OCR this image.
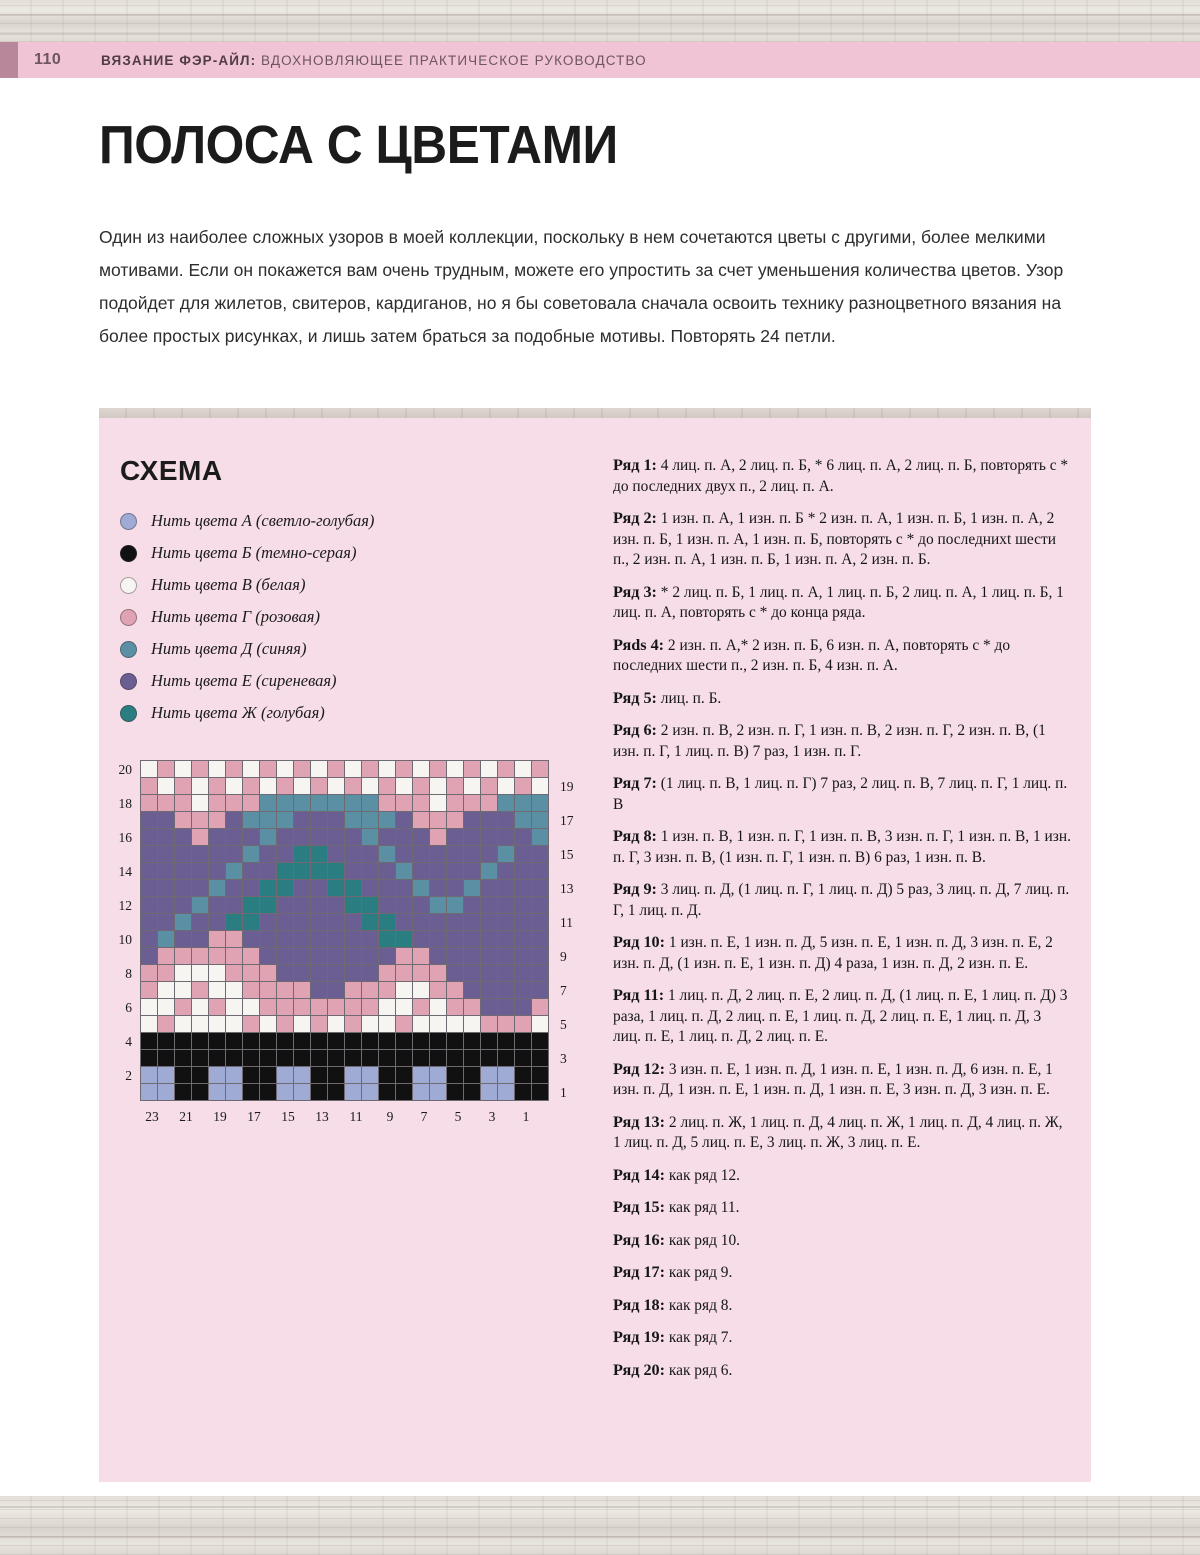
110	ВЯЗАНИЕ ФЭР-АЙЛ: ВДОХНОВЛЯЮЩЕЕ ПРАКТИЧЕСКОЕ РУКОВОДСТВО
ПОЛОСА С ЦВЕТАМИ
Один из наиболее сложных узоров в моей коллекции, поскольку в нем сочетаются цветы с другими, более мелкими мотивами. Если он покажется вам очень трудным, можете его упростить за счет уменьшения количества цветов. Узор подойдет для жилетов, свитеров, кардиганов, но я бы советовала сначала освоить технику разноцветного вязания на более простых рисунках, и лишь затем браться за подобные мотивы. Повторять 24 петли.
СХЕМА
Нить цвета А (светло-голубая)
Нить цвета Б (темно-серая)
Нить цвета В (белая)
Нить цвета Г (розовая)
Нить цвета Д (синяя)
Нить цвета Е (сиреневая)
Нить цвета Ж (голубая)

20
18
16
14
12
10
8
6
4
2
19
17
15
13
11
9
7
5
3
1
23 21 19 17 15 13 11	9	7	5	3	1

Ряд 1: 4 лиц. п. А, 2 лиц. п. Б, * 6 лиц. п. А, 2 лиц. п. Б, повторять с * до последних двух п., 2 лиц. п. А.

Ряд 2: 1 изн. п. А, 1 изн. п. Б * 2 изн. п. А, 1 изн. п. Б, 1 изн. п. А, 2 изн. п. Б, 1 изн. п. А, 1 изн. п. Б, повторять с * до последнихt шести п., 2 изн. п. А, 1 изн. п. Б, 1 изн. п. А, 2 изн. п. Б.

Ряд 3: * 2 лиц. п. Б, 1 лиц. п. А, 1 лиц. п. Б, 2 лиц. п. А, 1 лиц. п. Б, 1 лиц. п. А, повторять с * до конца ряда.

Ряds 4: 2 изн. п. А,* 2 изн. п. Б, 6 изн. п. А, повторять с * до последних шести п., 2 изн. п. Б, 4 изн. п. А.

Ряд 5: лиц. п. Б.

Ряд 6: 2 изн. п. В, 2 изн. п. Г, 1 изн. п. В, 2 изн. п. Г, 2 изн. п. В, (1 изн. п. Г, 1 лиц. п. В) 7 раз, 1 изн. п. Г.

Ряд 7: (1 лиц. п. В, 1 лиц. п. Г) 7 раз, 2 лиц. п. В, 7 лиц. п. Г, 1 лиц. п. В

Ряд 8: 1 изн. п. В, 1 изн. п. Г, 1 изн. п. В, 3 изн. п. Г, 1 изн. п. В, 1 изн. п. Г, 3 изн. п. В, (1 изн. п. Г, 1 изн. п. В) 6 раз, 1 изн. п. В.

Ряд 9: 3 лиц. п. Д, (1 лиц. п. Г, 1 лиц. п. Д) 5 раз, 3 лиц. п. Д, 7 лиц. п. Г, 1 лиц. п. Д.

Ряд 10: 1 изн. п. Е, 1 изн. п. Д, 5 изн. п. Е, 1 изн. п. Д, 3 изн. п. Е, 2 изн. п. Д, (1 изн. п. Е, 1 изн. п. Д) 4 раза, 1 изн. п. Д, 2 изн. п. Е.

Ряд 11: 1 лиц. п. Д, 2 лиц. п. Е, 2 лиц. п. Д, (1 лиц. п. Е, 1 лиц. п. Д) 3 раза, 1 лиц. п. Д, 2 лиц. п. Е, 1 лиц. п. Д, 2 лиц. п. Е, 1 лиц. п. Д, 3 лиц. п. Е, 1 лиц. п. Д, 2 лиц. п. Е.

Ряд 12: 3 изн. п. Е, 1 изн. п. Д, 1 изн. п. Е, 1 изн. п. Д, 6 изн. п. Е, 1 изн. п. Д, 1 изн. п. Е, 1 изн. п. Д, 1 изн. п. Е, 3 изн. п. Д, 3 изн. п. Е.

Ряд 13: 2 лиц. п. Ж, 1 лиц. п. Д, 4 лиц. п. Ж, 1 лиц. п. Д, 4 лиц. п. Ж, 1 лиц. п. Д, 5 лиц. п. Е, 3 лиц. п. Ж, 3 лиц. п. Е.

Ряд 14: как ряд 12.

Ряд 15: как ряд 11.

Ряд 16: как ряд 10.

Ряд 17: как ряд 9.

Ряд 18: как ряд 8.

Ряд 19: как ряд 7.

Ряд 20: как ряд 6.
